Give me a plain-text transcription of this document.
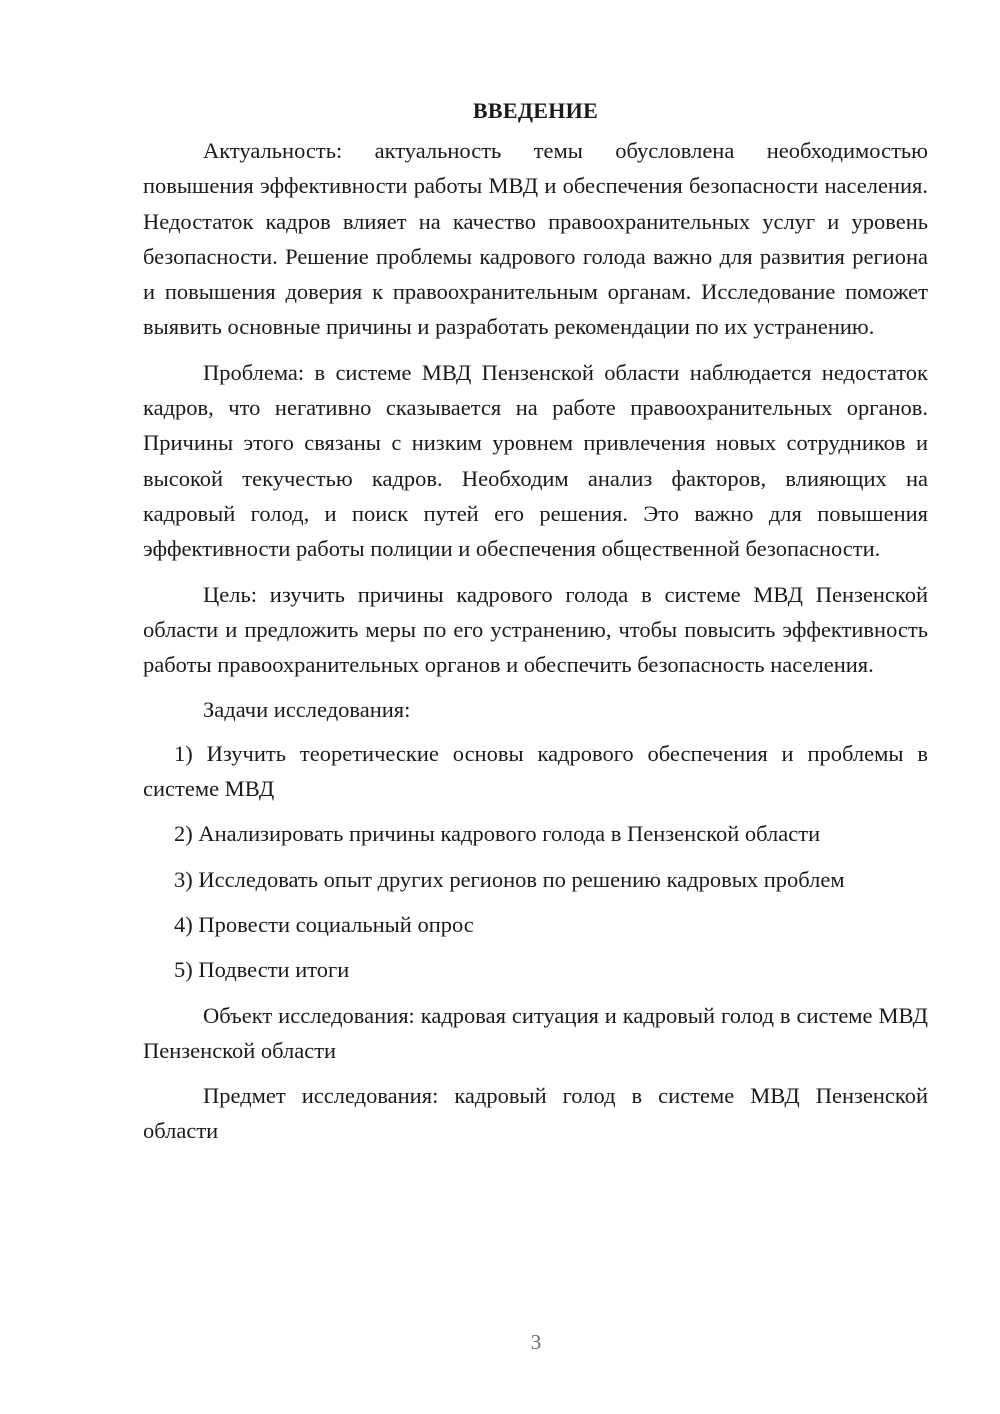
ВВЕДЕНИЕ

Актуальность: актуальность темы обусловлена необходимостью повышения эффективности работы МВД и обеспечения безопасности населения. Недостаток кадров влияет на качество правоохранительных услуг и уровень безопасности. Решение проблемы кадрового голода важно для развития региона и повышения доверия к правоохранительным органам. Исследование поможет выявить основные причины и разработать рекомендации по их устранению.

Проблема: в системе МВД Пензенской области наблюдается недостаток кадров, что негативно сказывается на работе правоохранительных органов. Причины этого связаны с низким уровнем привлечения новых сотрудников и высокой текучестью кадров. Необходим анализ факторов, влияющих на кадровый голод, и поиск путей его решения. Это важно для повышения эффективности работы полиции и обеспечения общественной безопасности.

Цель: изучить причины кадрового голода в системе МВД Пензенской области и предложить меры по его устранению, чтобы повысить эффективность работы правоохранительных органов и обеспечить безопасность населения.

Задачи исследования:

1) Изучить теоретические основы кадрового обеспечения и проблемы в системе МВД

2) Анализировать причины кадрового голода в Пензенской области

3) Исследовать опыт других регионов по решению кадровых проблем

4) Провести социальный опрос

5) Подвести итоги

Объект исследования: кадровая ситуация и кадровый голод в системе МВД Пензенской области

Предмет исследования: кадровый голод в системе МВД Пензенской области

3
